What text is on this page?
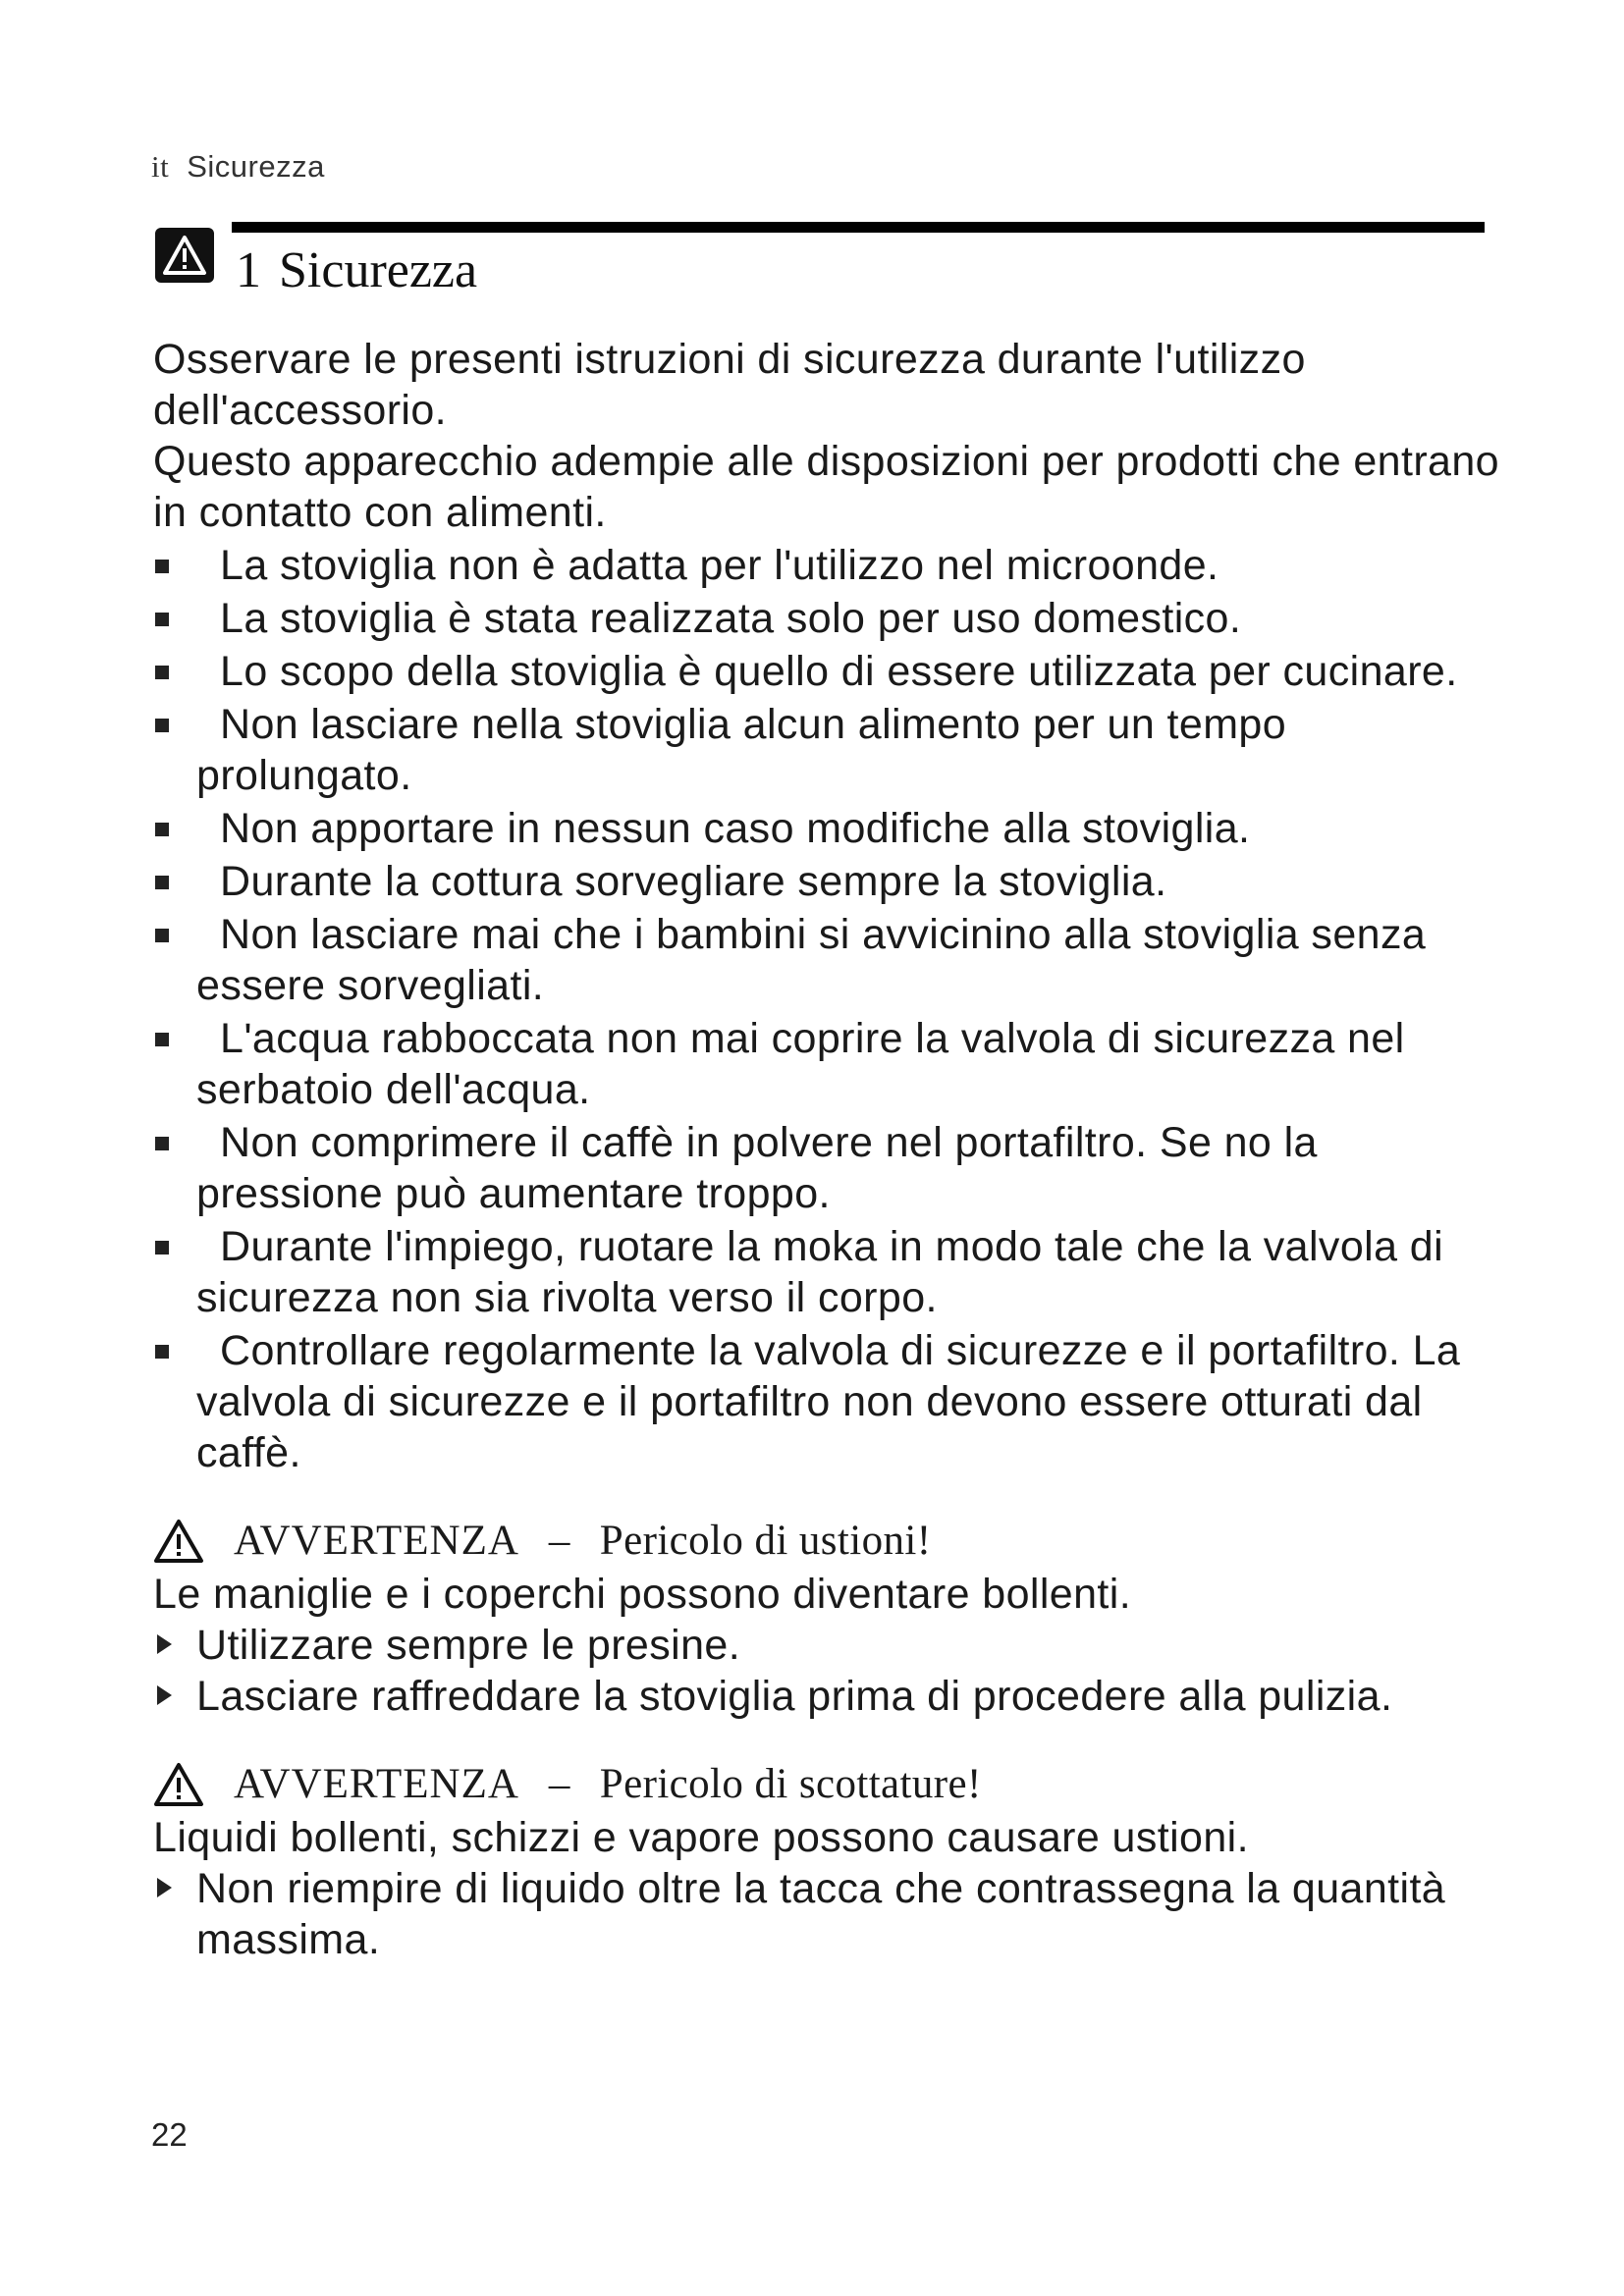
it Sicurezza
1 Sicurezza

Osservare le presenti istruzioni di sicurezza durante l'utilizzo dell'accessorio.

Questo apparecchio adempie alle disposizioni per prodotti che entrano in contatto con alimenti.

La stoviglia non è adatta per l'utilizzo nel microonde.
La stoviglia è stata realizzata solo per uso domestico.
Lo scopo della stoviglia è quello di essere utilizzata per cucinare.
Non lasciare nella stoviglia alcun alimento per un tempo prolungato.
Non apportare in nessun caso modifiche alla stoviglia.
Durante la cottura sorvegliare sempre la stoviglia.
Non lasciare mai che i bambini si avvicinino alla stoviglia senza essere sorvegliati.
L'acqua rabboccata non mai coprire la valvola di sicurezza nel serbatoio dell'acqua.
Non comprimere il caffè in polvere nel portafiltro. Se no la pressione può aumentare troppo.
Durante l'impiego, ruotare la moka in modo tale che la valvola di sicurezza non sia rivolta verso il corpo.
Controllare regolarmente la valvola di sicurezze e il portafiltro. La valvola di sicurezze e il portafiltro non devono essere otturati dal caffè.
AVVERTENZA – Pericolo di ustioni!

Le maniglie e i coperchi possono diventare bollenti.

Utilizzare sempre le presine.
Lasciare raffreddare la stoviglia prima di procedere alla pulizia.
AVVERTENZA – Pericolo di scottature!

Liquidi bollenti, schizzi e vapore possono causare ustioni.

Non riempire di liquido oltre la tacca che contrassegna la quantità massima.
22
